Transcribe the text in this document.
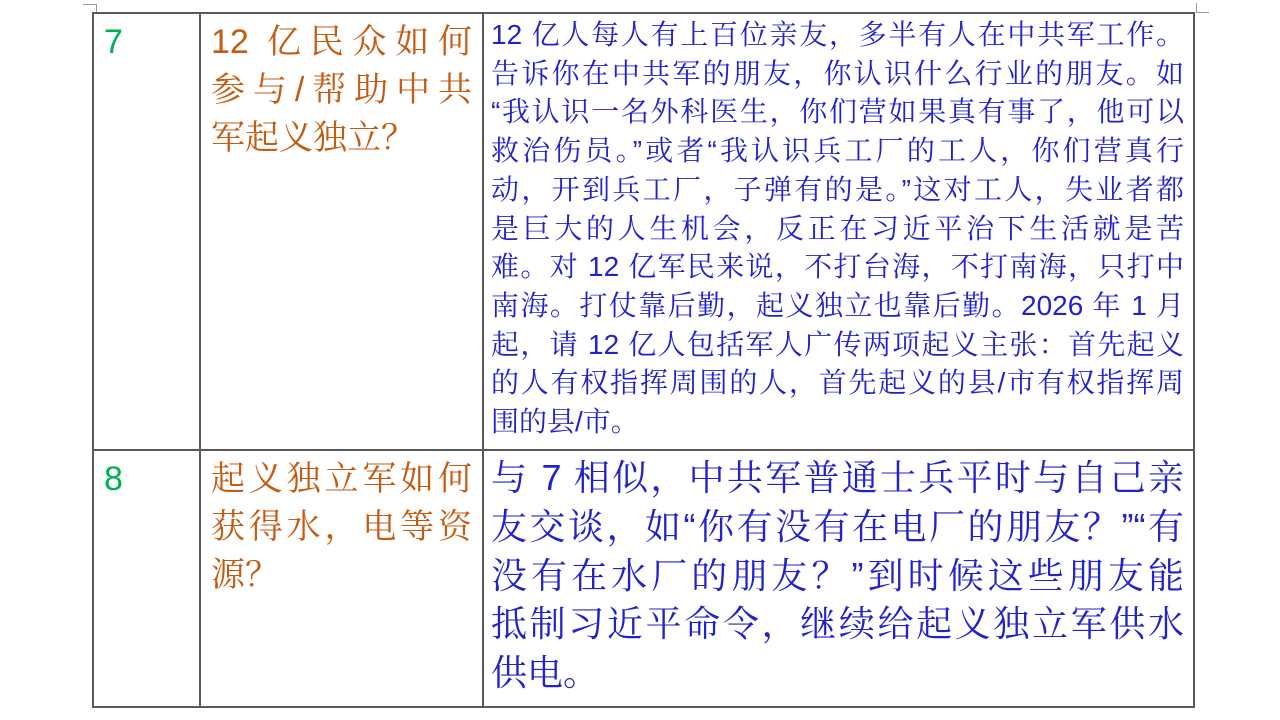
7	12 亿民众如何
参与/帮助中共
军起义独立？

12 亿人每人有上百位亲友，多半有人在中共军工作。
告诉你在中共军的朋友，你认识什么行业的朋友。如
“我认识一名外科医生，你们营如果真有事了，他可以
救治伤员。”或者“我认识兵工厂的工人，你们营真行
动，开到兵工厂，子弹有的是。”这对工人，失业者都
是巨大的人生机会，反正在习近平治下生活就是苦
难。对 12 亿军民来说，不打台海，不打南海，只打中
南海。打仗靠后勤，起义独立也靠后勤。2026 年 1 月
起，请 12 亿人包括军人广传两项起义主张：首先起义
的人有权指挥周围的人，首先起义的县/市有权指挥周
围的县/市。

8	起义独立军如何
获得水，电等资
源？

与 7 相似，中共军普通士兵平时与自己亲
友交谈，如“你有没有在电厂的朋友？”“有
没有在水厂的朋友？”到时候这些朋友能
抵制习近平命令，继续给起义独立军供水
供电。
